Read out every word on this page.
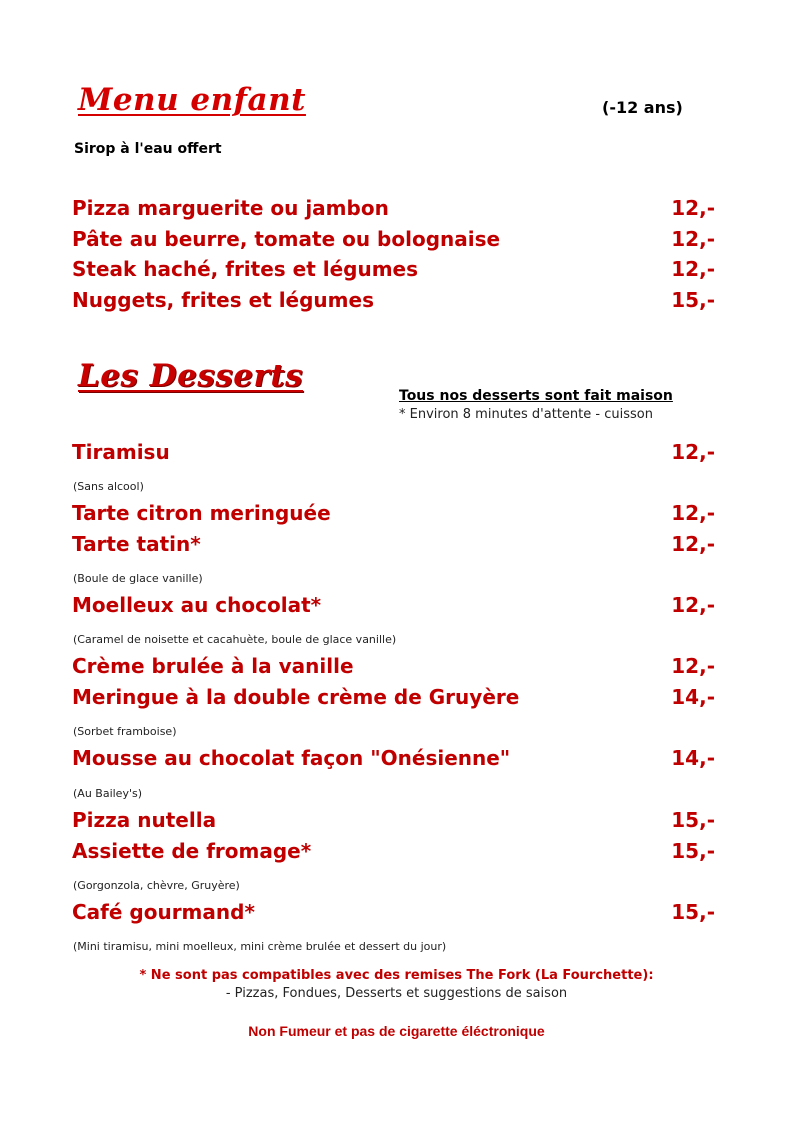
Menu enfant	(-12 ans)
Sirop à l'eau offert
Pizza marguerite ou jambon	12,-
Pâte au beurre, tomate ou bolognaise	12,-
Steak haché, frites et légumes	12,-
Nuggets, frites et légumes	15,-
Les Desserts
Tous nos desserts sont fait maison
* Environ 8 minutes d'attente - cuisson
Tiramisu	12,-
(Sans alcool)
Tarte citron meringuée	12,-
Tarte tatin*	12,-
(Boule de glace vanille)
Moelleux au chocolat*	12,-
(Caramel de noisette et cacahuète, boule de glace vanille)
Crème brulée à la vanille	12,-
Meringue à la double crème de Gruyère	14,-
(Sorbet framboise)
Mousse au chocolat façon "Onésienne"	14,-
(Au Bailey's)
Pizza nutella	15,-
Assiette de fromage*	15,-
(Gorgonzola, chèvre, Gruyère)
Café gourmand*	15,-
(Mini tiramisu, mini moelleux, mini crème brulée et dessert du jour)
* Ne sont pas compatibles avec des remises The Fork (La Fourchette):
- Pizzas, Fondues, Desserts et suggestions de saison
Non Fumeur et pas de cigarette éléctronique
